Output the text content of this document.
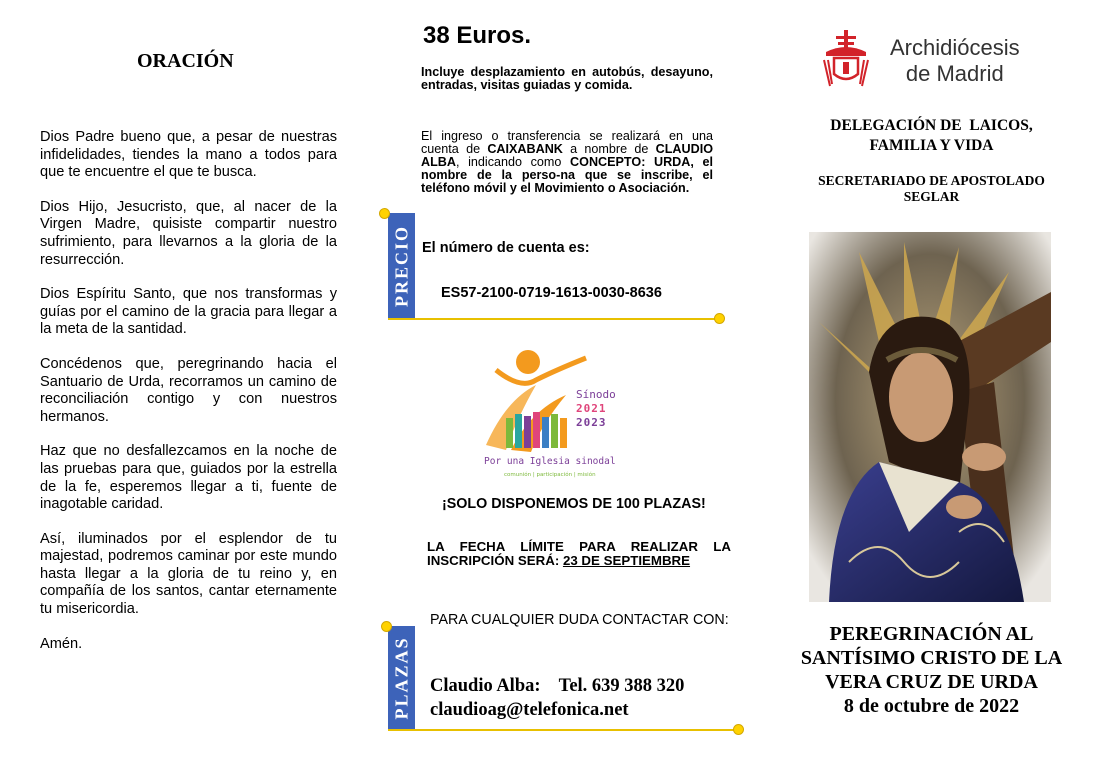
ORACIÓN

Dios Padre bueno que, a pesar de nuestras infidelidades, tiendes la mano a todos para que te encuentre el que te busca.

Dios Hijo, Jesucristo, que, al nacer de la Virgen Madre, quisiste compartir nuestro sufrimiento, para llevarnos a la gloria de la resurrección.

Dios Espíritu Santo, que nos transformas y guías por el camino de la gracia para llegar a la meta de la santidad.

Concédenos que, peregrinando hacia el Santuario de Urda, recorramos un camino de reconciliación contigo y con nuestros hermanos.

Haz que no desfallezcamos en la noche de las pruebas para que, guiados por la estrella de la fe, esperemos llegar a ti, fuente de inagotable caridad.

Así, iluminados por el esplendor de tu majestad, podremos caminar por este mundo hasta llegar a la gloria de tu reino y, en compañía de los santos, cantar eternamente tu misericordia.

Amén.

38 Euros.
Incluye desplazamiento en autobús, desayuno, entradas, visitas guiadas y comida.
El ingreso o transferencia se realizará en una cuenta de CAIXABANK a nombre de CLAUDIO ALBA, indicando como CONCEPTO: URDA, el nombre de la perso-na que se inscribe, el teléfono móvil y el Movimiento o Asociación.
PRECIO El número de cuenta es:
ES57-2100-0719-1613-0030-8636
Sínodo
2021
2023
Por una Iglesia sinodal
comunión | participación | misión
¡SOLO DISPONEMOS DE 100 PLAZAS!
LA FECHA LÍMITE PARA REALIZAR LA INSCRIPCIÓN SERÁ: 23 DE SEPTIEMBRE
PLAZAS
PARA CUALQUIER DUDA CONTACTAR CON:
Claudio Alba:    Tel. 639 388 320
claudioag@telefonica.net
Archidiócesis
de Madrid
DELEGACIÓN DE  LAICOS,
FAMILIA Y VIDA
SECRETARIADO DE APOSTOLADO
SEGLAR
PEREGRINACIÓN AL
SANTÍSIMO CRISTO DE LA
VERA CRUZ DE URDA
8 de octubre de 2022
